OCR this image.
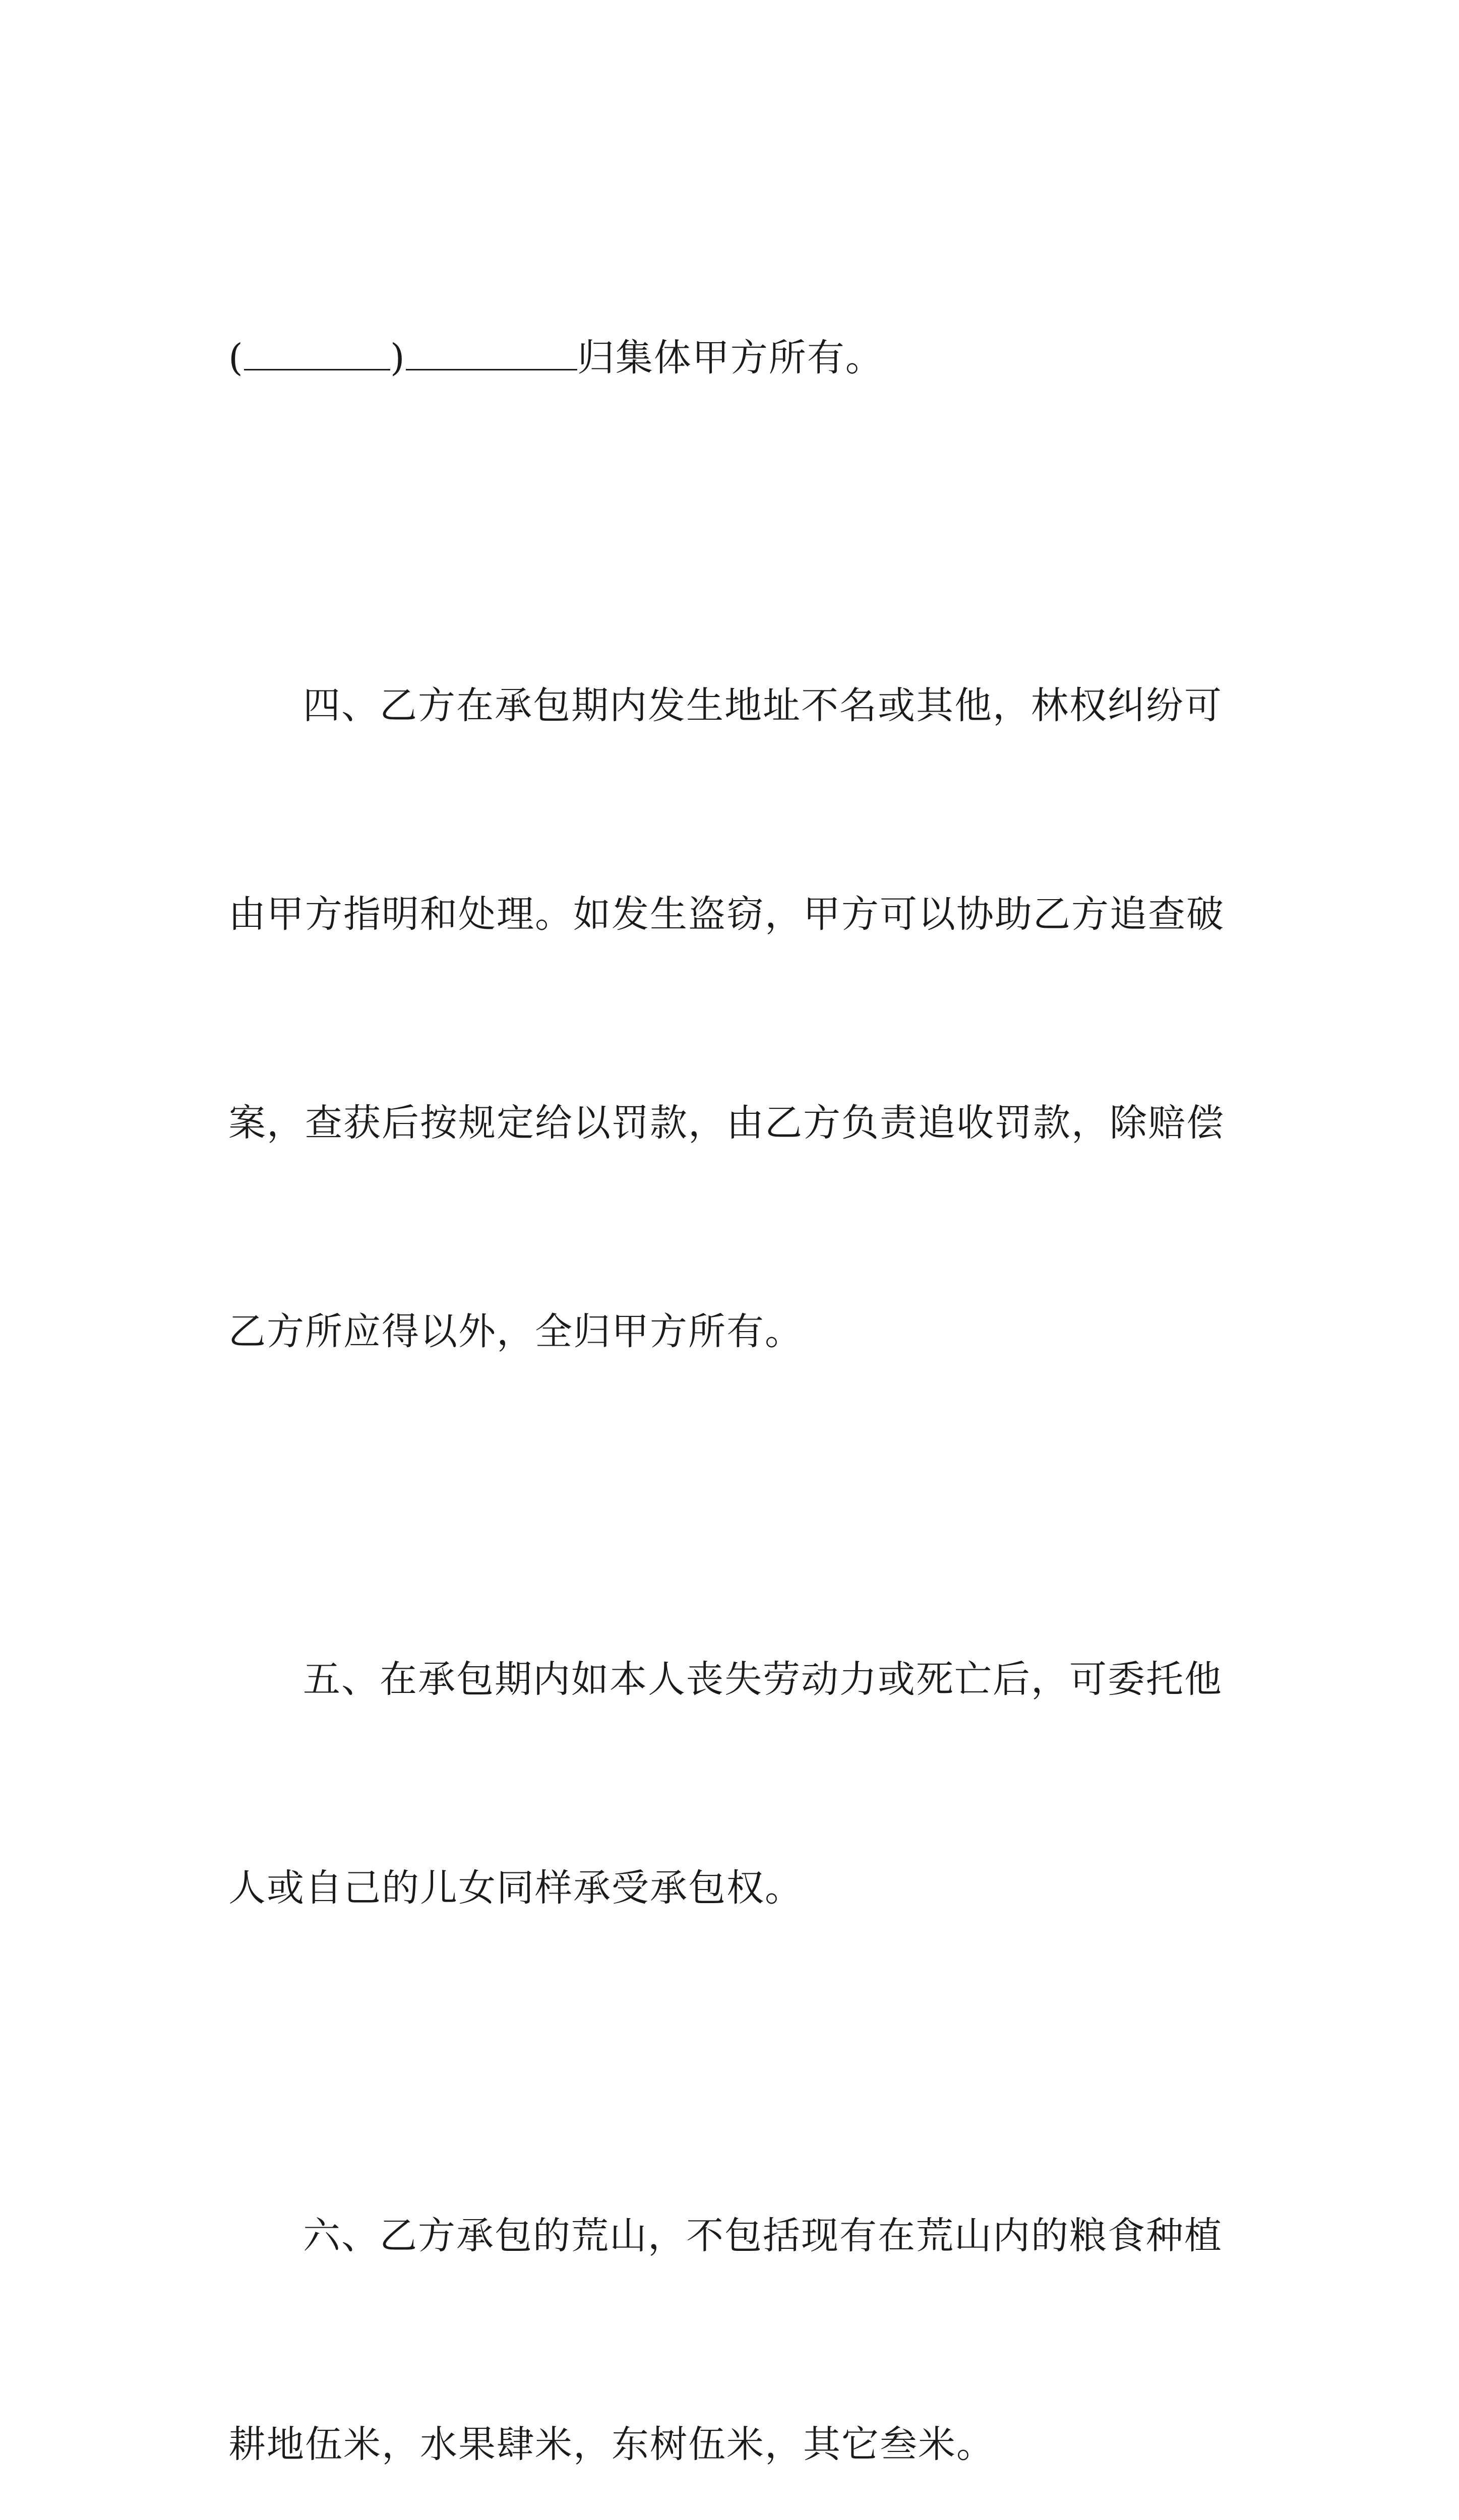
(	)	归集体甲方所有。

四、乙方在承包期内发生地址不名或其他，林权纠纷可

由甲方指明和处理。如发生盗窃，甲方可以协助乙方追查破

案，查获后按规定给以罚款，由乙方负责追收罚款，除赔偿

乙方所应得以外，全归甲方所有。

五、在承包期内如本人丧失劳动力或死亡后，可委托他

人或自己的儿女同样承受承包权。

六、乙方承包的荒山，不包括现有在荒山内的粮食种植

耕地伍米，水果肆米，东树伍米，其它叁米。
